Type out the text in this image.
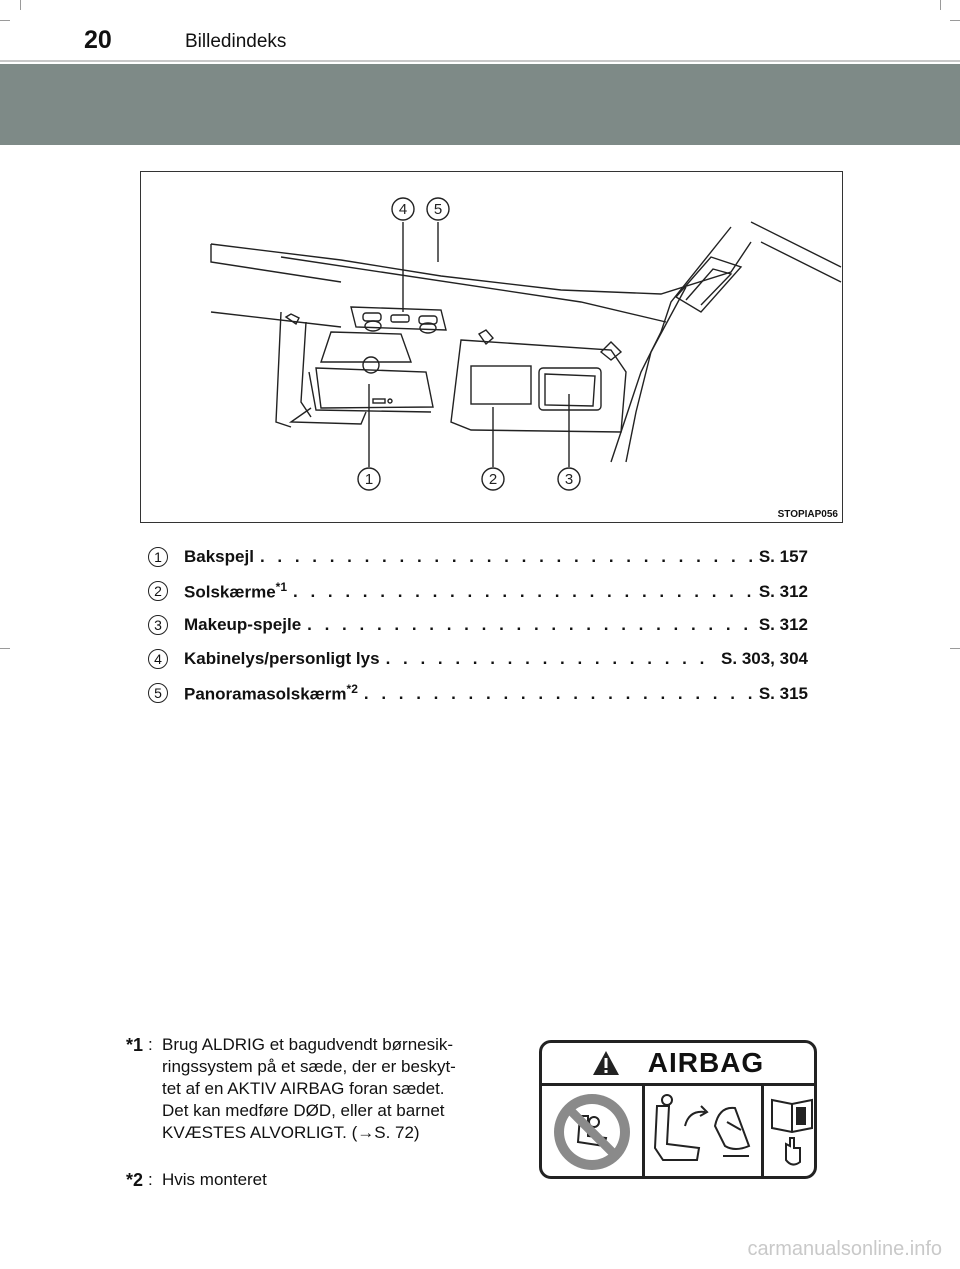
20	Billedindeks
4 5
1	2	3
STOPIAP056
1	Bakspejl . . .	S. 157
2	Solskærme$^{*1}$ . . .	S. 312
3	Makeup-spejle . . .	S. 312
4	Kabinelys/personligt lys . . .	S. 303, 304
5	Panoramasolskærm$^{*2}$ . . .	S. 315
*1 : Brug ALDRIG et bagudvendt børnesik-
ringssystem på et sæde, der er beskyt-
tet af en AKTIV AIRBAG foran sædet.
Det kan medføre DØD, eller at barnet
KVÆSTES ALVORLIGT. (→S. 72)
*2 : Hvis monteret
AIRBAG
carmanualsonline.info
